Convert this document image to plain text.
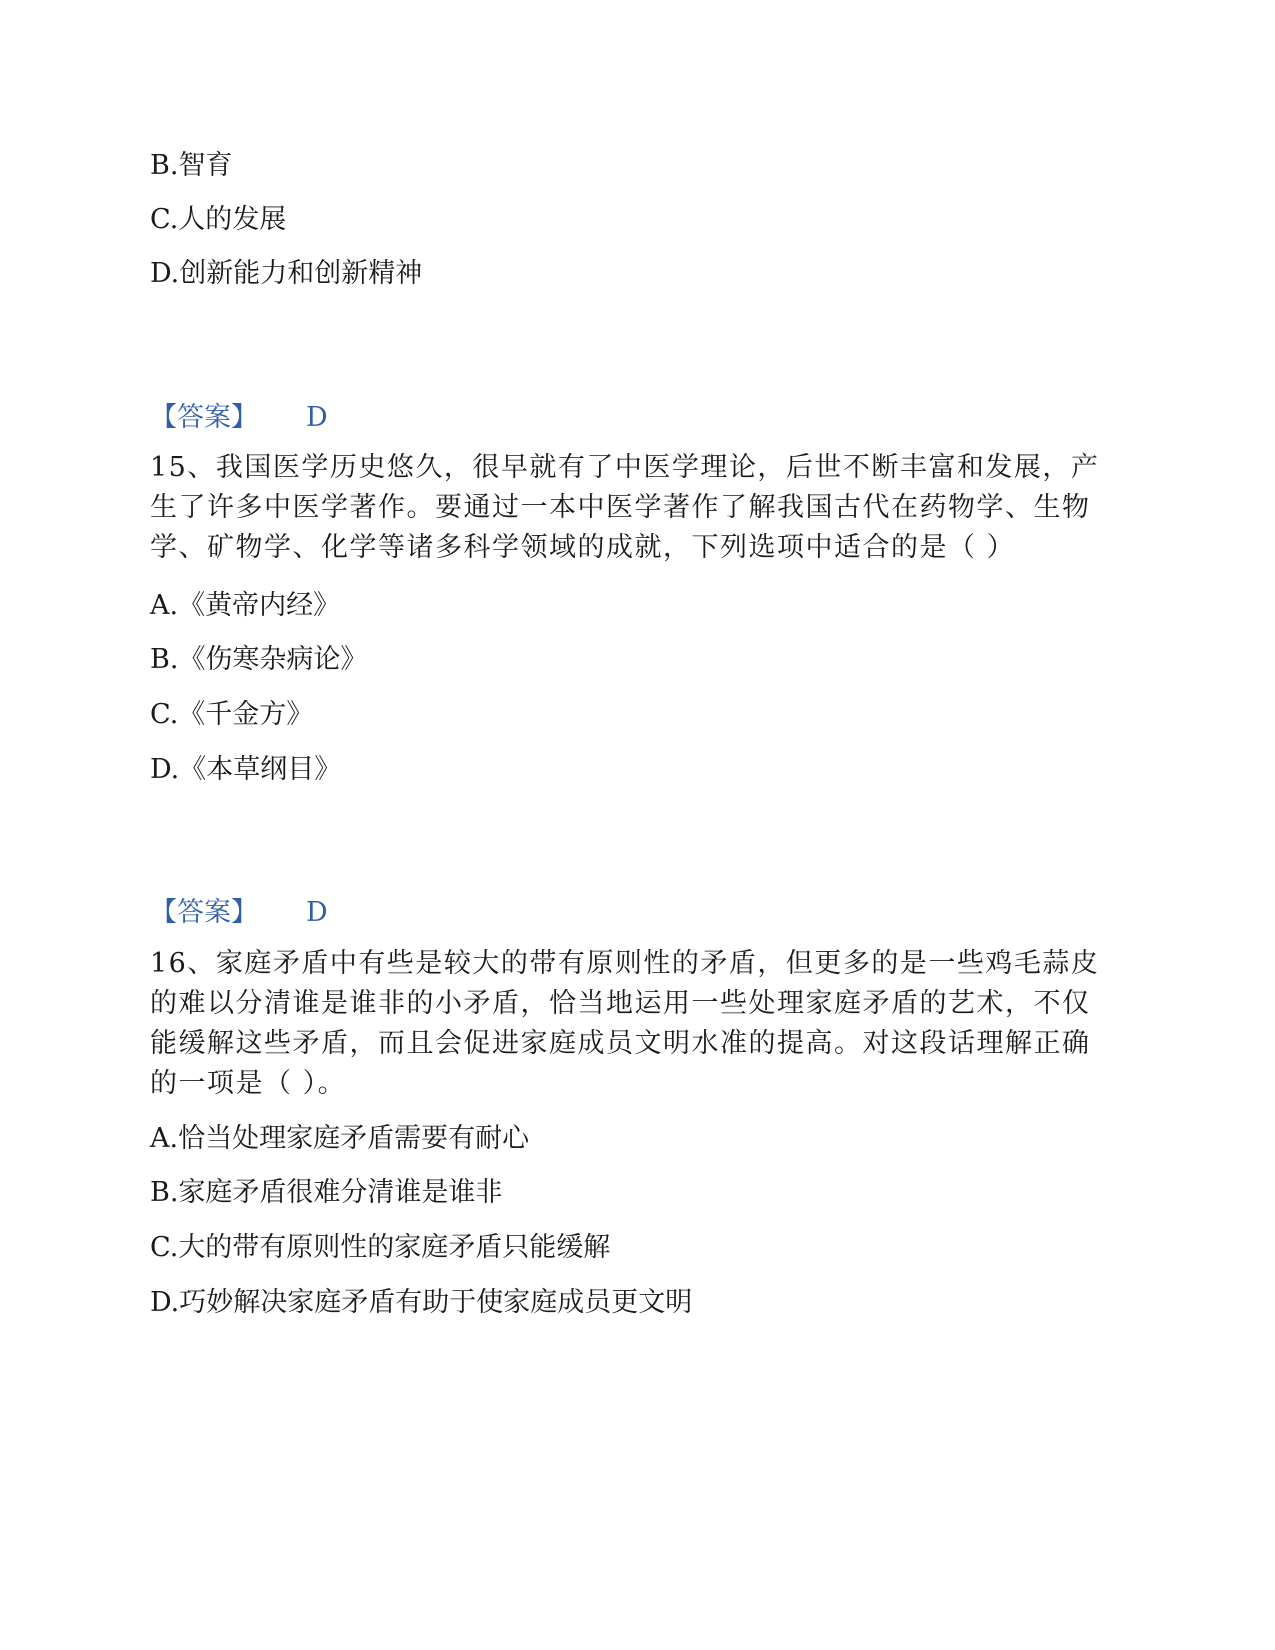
B.智育
C.人的发展
D.创新能力和创新精神
【答案】 D
15、我国医学历史悠久，很早就有了中医学理论，后世不断丰富和发展，产生了许多中医学著作。要通过一本中医学著作了解我国古代在药物学、生物学、矿物学、化学等诸多科学领域的成就，下列选项中适合的是（ ）
A.《黄帝内经》
B.《伤寒杂病论》
C.《千金方》
D.《本草纲目》
【答案】 D
16、家庭矛盾中有些是较大的带有原则性的矛盾，但更多的是一些鸡毛蒜皮的难以分清谁是谁非的小矛盾，恰当地运用一些处理家庭矛盾的艺术，不仅能缓解这些矛盾，而且会促进家庭成员文明水准的提高。对这段话理解正确的一项是（ ）。
A.恰当处理家庭矛盾需要有耐心
B.家庭矛盾很难分清谁是谁非
C.大的带有原则性的家庭矛盾只能缓解
D.巧妙解决家庭矛盾有助于使家庭成员更文明
